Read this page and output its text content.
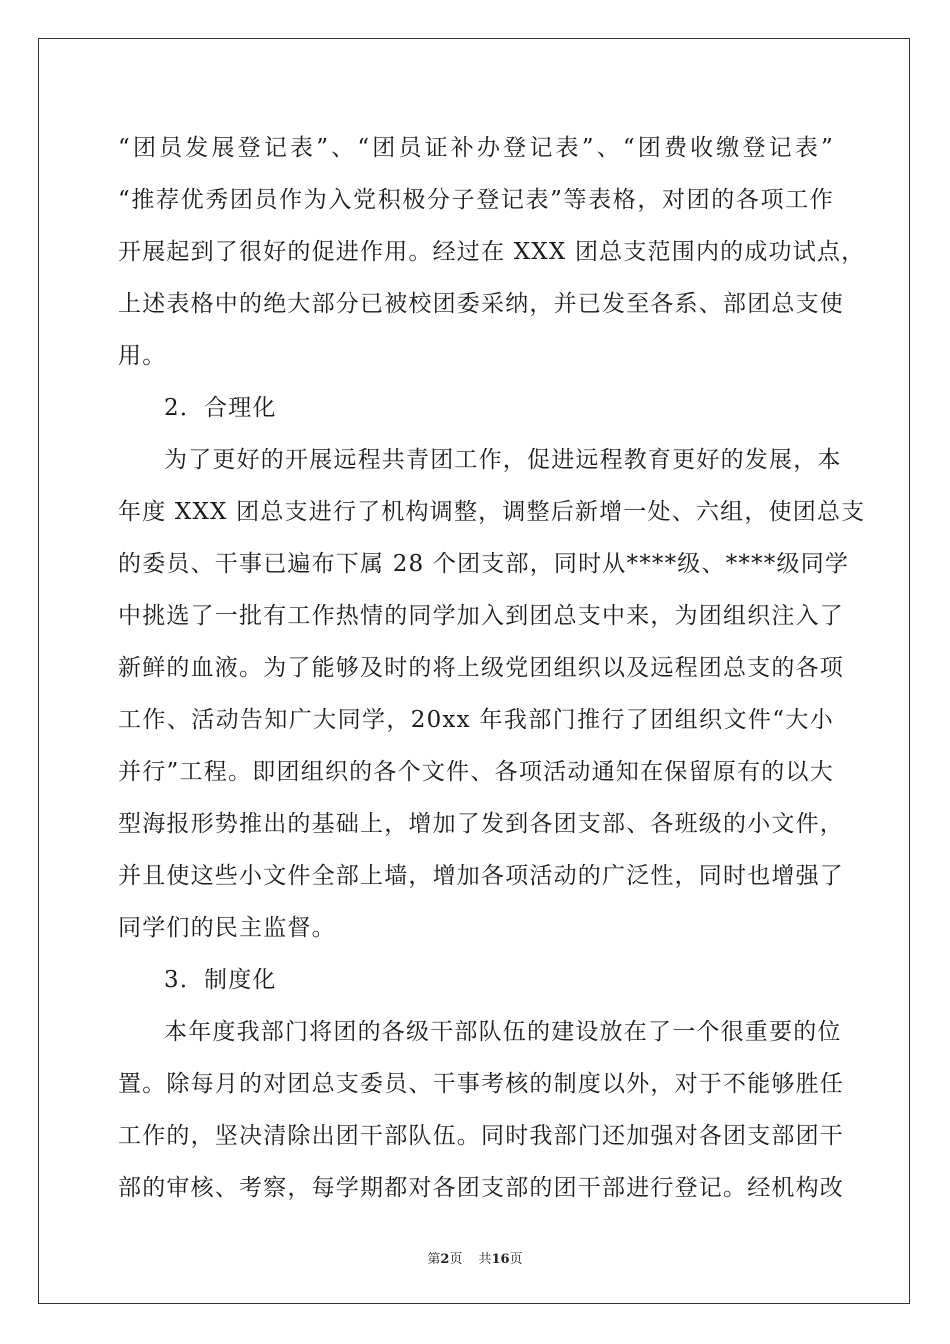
“团员发展登记表”、“团员证补办登记表”、“团费收缴登记表”
“推荐优秀团员作为入党积极分子登记表”等表格，对团的各项工作
开展起到了很好的促进作用。经过在 XXX 团总支范围内的成功试点，
上述表格中的绝大部分已被校团委采纳，并已发至各系、部团总支使
用。
2．合理化
为了更好的开展远程共青团工作，促进远程教育更好的发展，本
年度 XXX 团总支进行了机构调整，调整后新增一处、六组，使团总支
的委员、干事已遍布下属 28 个团支部，同时从****级、****级同学
中挑选了一批有工作热情的同学加入到团总支中来，为团组织注入了
新鲜的血液。为了能够及时的将上级党团组织以及远程团总支的各项
工作、活动告知广大同学，20xx 年我部门推行了团组织文件“大小
并行”工程。即团组织的各个文件、各项活动通知在保留原有的以大
型海报形势推出的基础上，增加了发到各团支部、各班级的小文件，
并且使这些小文件全部上墙，增加各项活动的广泛性，同时也增强了
同学们的民主监督。
3．制度化
本年度我部门将团的各级干部队伍的建设放在了一个很重要的位
置。除每月的对团总支委员、干事考核的制度以外，对于不能够胜任
工作的，坚决清除出团干部队伍。同时我部门还加强对各团支部团干
部的审核、考察，每学期都对各团支部的团干部进行登记。经机构改
第2页 共16页
